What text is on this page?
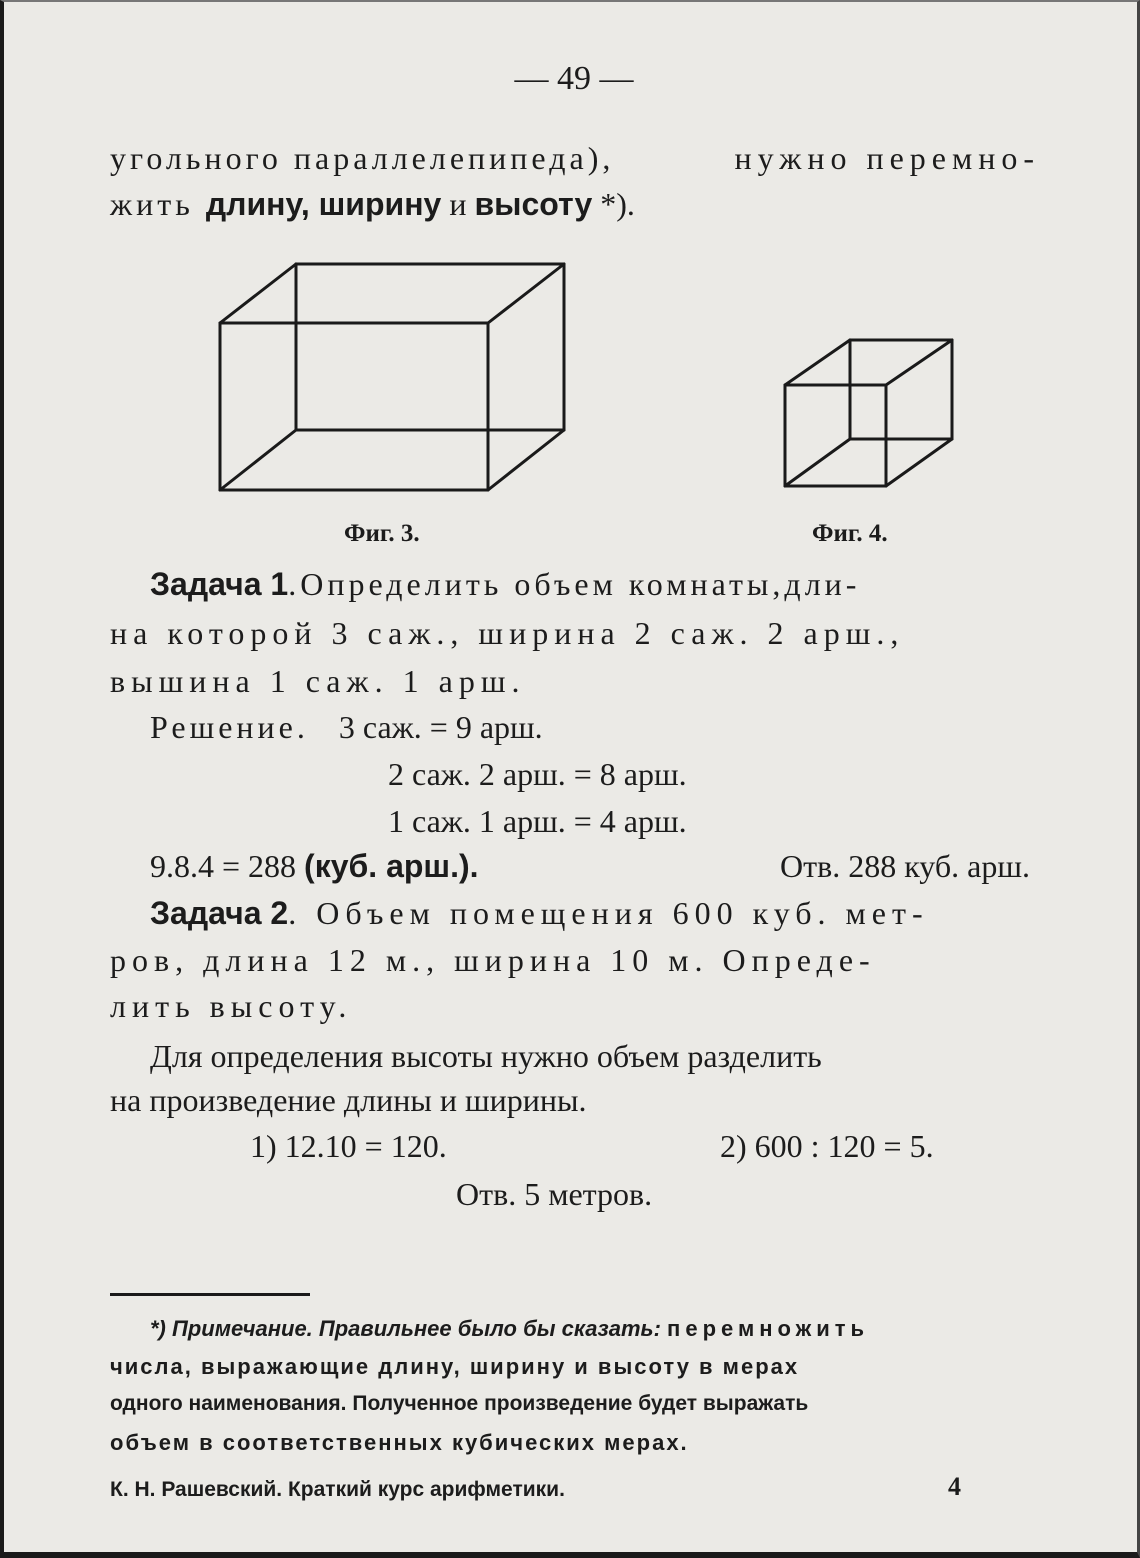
— 49 —
угольного параллелепипеда),	нужно перемно-
жить длину, ширину и высоту *).
Фиг. 3.	Фиг. 4.
Задача 1.Определить объем комнаты,дли-
на которой 3 саж., ширина 2 саж. 2 арш.,
вышина 1 саж. 1 арш.
Решение. 3 саж. = 9 арш.
2 саж. 2 арш. = 8 арш.
1 саж. 1 арш. = 4 арш.
9.8.4 = 288 (куб. арш.).	Отв. 288 куб. арш.
Задача 2. Объем помещения 600 куб. мет-
ров, длина 12 м., ширина 10 м. Опреде-
лить высоту.
Для определения высоты нужно объем разделить
на произведение длины и ширины.
1) 12.10 = 120.	2) 600 : 120 = 5.
Отв. 5 метров.
*) Примечание. Правильнее было бы сказать: перемножить
числа, выражающие длину, ширину и высоту в мерах
одного наименования. Полученное произведение будет выражать
объем в соответственных кубических мерах.
К. Н. Рашевский. Краткий курс арифметики.	4
